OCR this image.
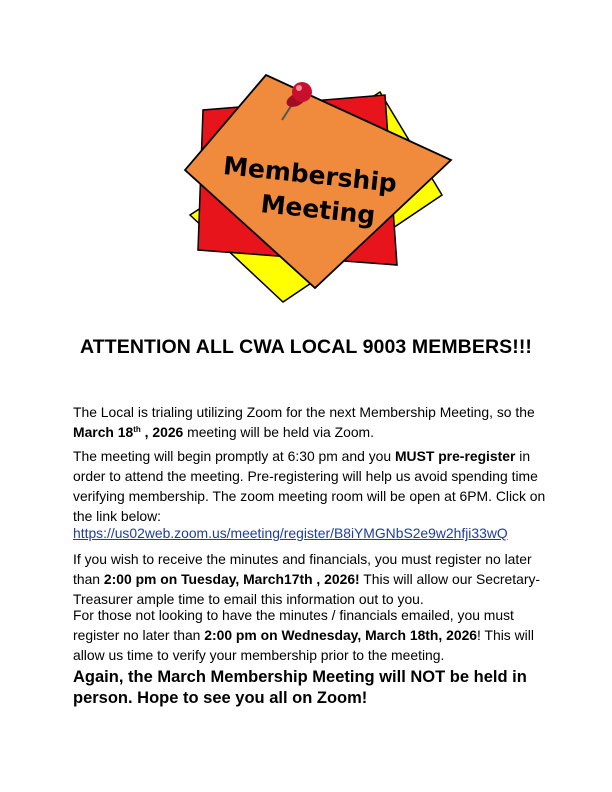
Membership
Meeting
ATTENTION ALL CWA LOCAL 9003 MEMBERS!!!

The Local is trialing utilizing Zoom for the next Membership Meeting, so the March 18th , 2026 meeting will be held via Zoom.

The meeting will begin promptly at 6:30 pm and you MUST pre-register in order to attend the meeting. Pre-registering will help us avoid spending time verifying membership. The zoom meeting room will be open at 6PM. Click on the link below:

https://us02web.zoom.us/meeting/register/B8iYMGNbS2e9w2hfji33wQ

If you wish to receive the minutes and financials, you must register no later than 2:00 pm on Tuesday, March17th , 2026! This will allow our Secretary-Treasurer ample time to email this information out to you.

For those not looking to have the minutes / financials emailed, you must register no later than 2:00 pm on Wednesday, March 18th, 2026! This will allow us time to verify your membership prior to the meeting.

Again, the March Membership Meeting will NOT be held in person. Hope to see you all on Zoom!
